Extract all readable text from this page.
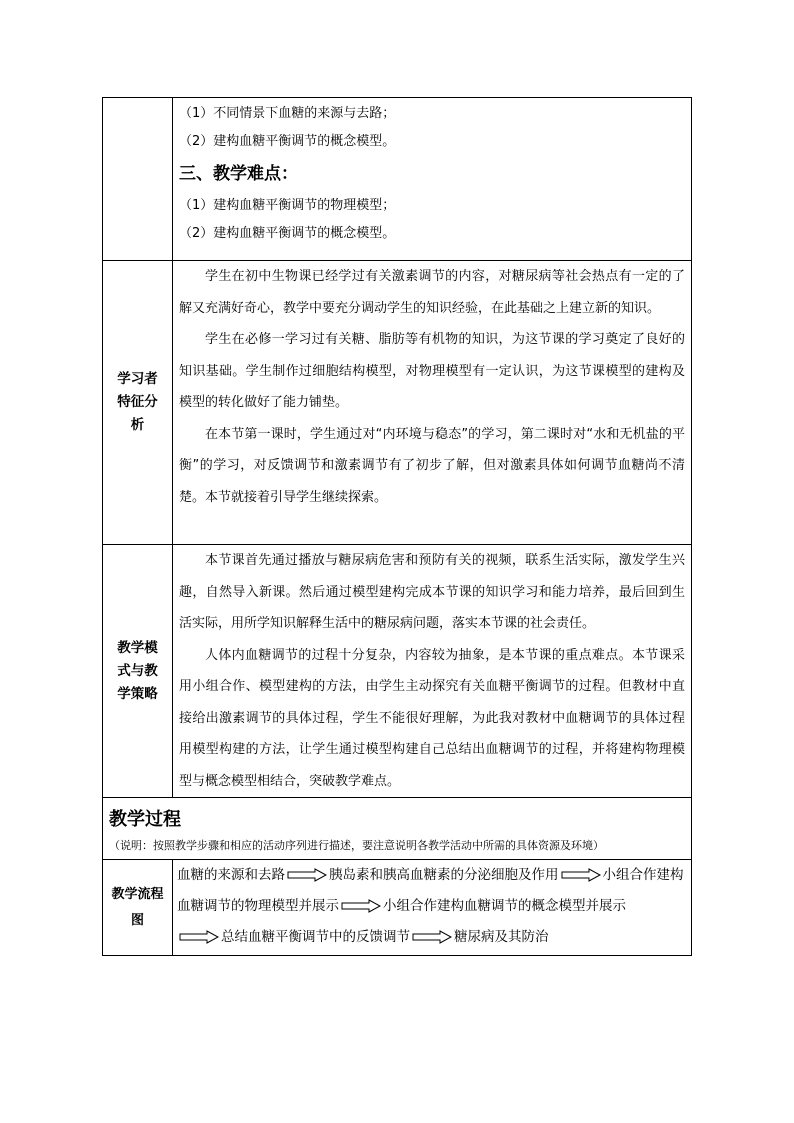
（1）不同情景下血糖的来源与去路；
（2）建构血糖平衡调节的概念模型。
三、教学难点：
（1）建构血糖平衡调节的物理模型；
（2）建构血糖平衡调节的概念模型。
学习者特征分析

学生在初中生物课已经学过有关激素调节的内容，对糖尿病等社会热点有一定的了解又充满好奇心，教学中要充分调动学生的知识经验，在此基础之上建立新的知识。

学生在必修一学习过有关糖、脂肪等有机物的知识，为这节课的学习奠定了良好的知识基础。学生制作过细胞结构模型，对物理模型有一定认识，为这节课模型的建构及模型的转化做好了能力铺垫。

在本节第一课时，学生通过对“内环境与稳态”的学习，第二课时对“水和无机盐的平衡”的学习，对反馈调节和激素调节有了初步了解，但对激素具体如何调节血糖尚不清楚。本节就接着引导学生继续探索。

教学模式与教学策略

本节课首先通过播放与糖尿病危害和预防有关的视频，联系生活实际，激发学生兴趣，自然导入新课。然后通过模型建构完成本节课的知识学习和能力培养，最后回到生活实际，用所学知识解释生活中的糖尿病问题，落实本节课的社会责任。

人体内血糖调节的过程十分复杂，内容较为抽象，是本节课的重点难点。本节课采用小组合作、模型建构的方法，由学生主动探究有关血糖平衡调节的过程。但教材中直接给出激素调节的具体过程，学生不能很好理解，为此我对教材中血糖调节的具体过程用模型构建的方法，让学生通过模型构建自己总结出血糖调节的过程，并将建构物理模型与概念模型相结合，突破教学难点。

教学过程
（说明：按照教学步骤和相应的活动序列进行描述，要注意说明各教学活动中所需的具体资源及环境）
教学流程图
血糖的来源和去路	胰岛素和胰高血糖素的分泌细胞及作用	小组合作建构血糖调节的物理模型并展示	小组合作建构血糖调节的概念模型并展示
总结血糖平衡调节中的反馈调节	糖尿病及其防治
